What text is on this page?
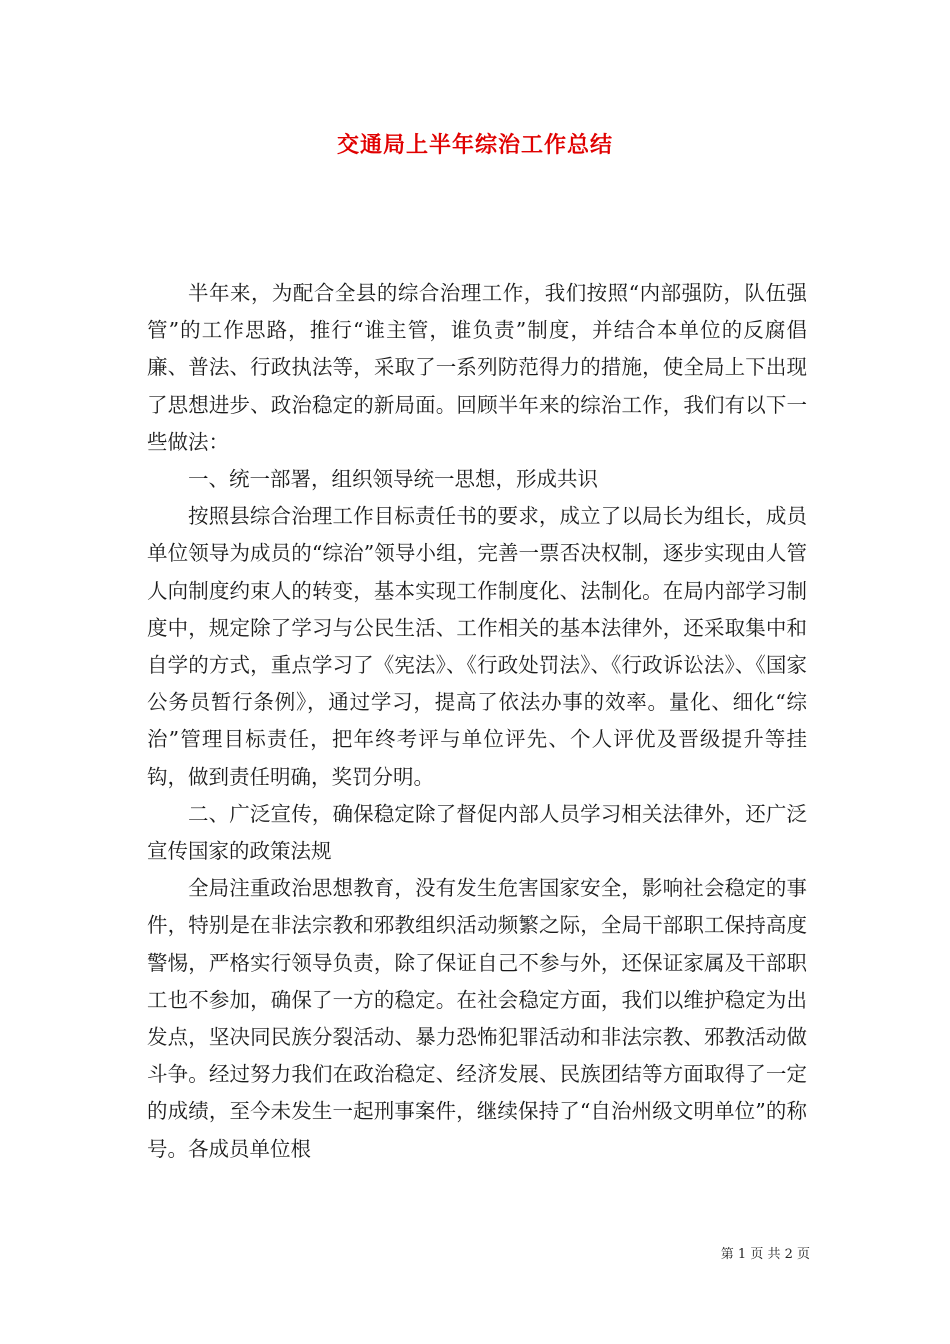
交通局上半年综治工作总结

半年来，为配合全县的综合治理工作，我们按照“内部强防，队伍强管”的工作思路，推行“谁主管，谁负责”制度，并结合本单位的反腐倡廉、普法、行政执法等，采取了一系列防范得力的措施，使全局上下出现了思想进步、政治稳定的新局面。回顾半年来的综治工作，我们有以下一些做法：

一、统一部署，组织领导统一思想，形成共识

按照县综合治理工作目标责任书的要求，成立了以局长为组长，成员单位领导为成员的“综治”领导小组，完善一票否决权制，逐步实现由人管人向制度约束人的转变，基本实现工作制度化、法制化。在局内部学习制度中，规定除了学习与公民生活、工作相关的基本法律外，还采取集中和自学的方式，重点学习了《宪法》、《行政处罚法》、《行政诉讼法》、《国家公务员暂行条例》，通过学习，提高了依法办事的效率。量化、细化“综治”管理目标责任，把年终考评与单位评先、个人评优及晋级提升等挂钩，做到责任明确，奖罚分明。

二、广泛宣传，确保稳定除了督促内部人员学习相关法律外，还广泛宣传国家的政策法规

全局注重政治思想教育，没有发生危害国家安全，影响社会稳定的事件，特别是在非法宗教和邪教组织活动频繁之际，全局干部职工保持高度警惕，严格实行领导负责，除了保证自己不参与外，还保证家属及干部职工也不参加，确保了一方的稳定。在社会稳定方面，我们以维护稳定为出发点，坚决同民族分裂活动、暴力恐怖犯罪活动和非法宗教、邪教活动做斗争。经过努力我们在政治稳定、经济发展、民族团结等方面取得了一定的成绩，至今未发生一起刑事案件，继续保持了“自治州级文明单位”的称号。各成员单位根

第 1 页 共 2 页
